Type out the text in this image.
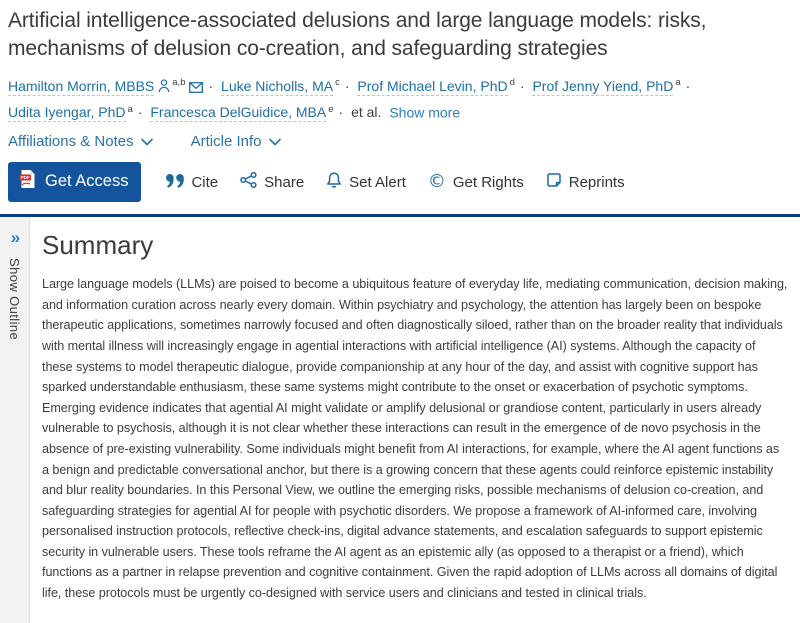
Artificial intelligence-associated delusions and large language models: risks, mechanisms of delusion co-creation, and safeguarding strategies
Hamilton Morrin, MBBS $^{a,b}$ · Luke Nicholls, MA $^c$ · Prof Michael Levin, PhD $^d$ · Prof Jenny Yiend, PhD $^a$ · Udita Iyengar, PhD $^a$ · Francesca DelGuidice, MBA $^e$ · et al. Show more
Affiliations & Notes	Article Info
PDF Get Access	Cite	Share	Set Alert © Get Rights	Reprints
»
Show Outline
Summary

Large language models (LLMs) are poised to become a ubiquitous feature of everyday life, mediating communication, decision making, and information curation across nearly every domain. Within psychiatry and psychology, the attention has largely been on bespoke therapeutic applications, sometimes narrowly focused and often diagnostically siloed, rather than on the broader reality that individuals with mental illness will increasingly engage in agential interactions with artificial intelligence (AI) systems. Although the capacity of these systems to model therapeutic dialogue, provide companionship at any hour of the day, and assist with cognitive support has sparked understandable enthusiasm, these same systems might contribute to the onset or exacerbation of psychotic symptoms. Emerging evidence indicates that agential AI might validate or amplify delusional or grandiose content, particularly in users already vulnerable to psychosis, although it is not clear whether these interactions can result in the emergence of de novo psychosis in the absence of pre-existing vulnerability. Some individuals might benefit from AI interactions, for example, where the AI agent functions as a benign and predictable conversational anchor, but there is a growing concern that these agents could reinforce epistemic instability and blur reality boundaries. In this Personal View, we outline the emerging risks, possible mechanisms of delusion co-creation, and safeguarding strategies for agential AI for people with psychotic disorders. We propose a framework of AI-informed care, involving personalised instruction protocols, reflective check-ins, digital advance statements, and escalation safeguards to support epistemic security in vulnerable users. These tools reframe the AI agent as an epistemic ally (as opposed to a therapist or a friend), which functions as a partner in relapse prevention and cognitive containment. Given the rapid adoption of LLMs across all domains of digital life, these protocols must be urgently co-designed with service users and clinicians and tested in clinical trials.
